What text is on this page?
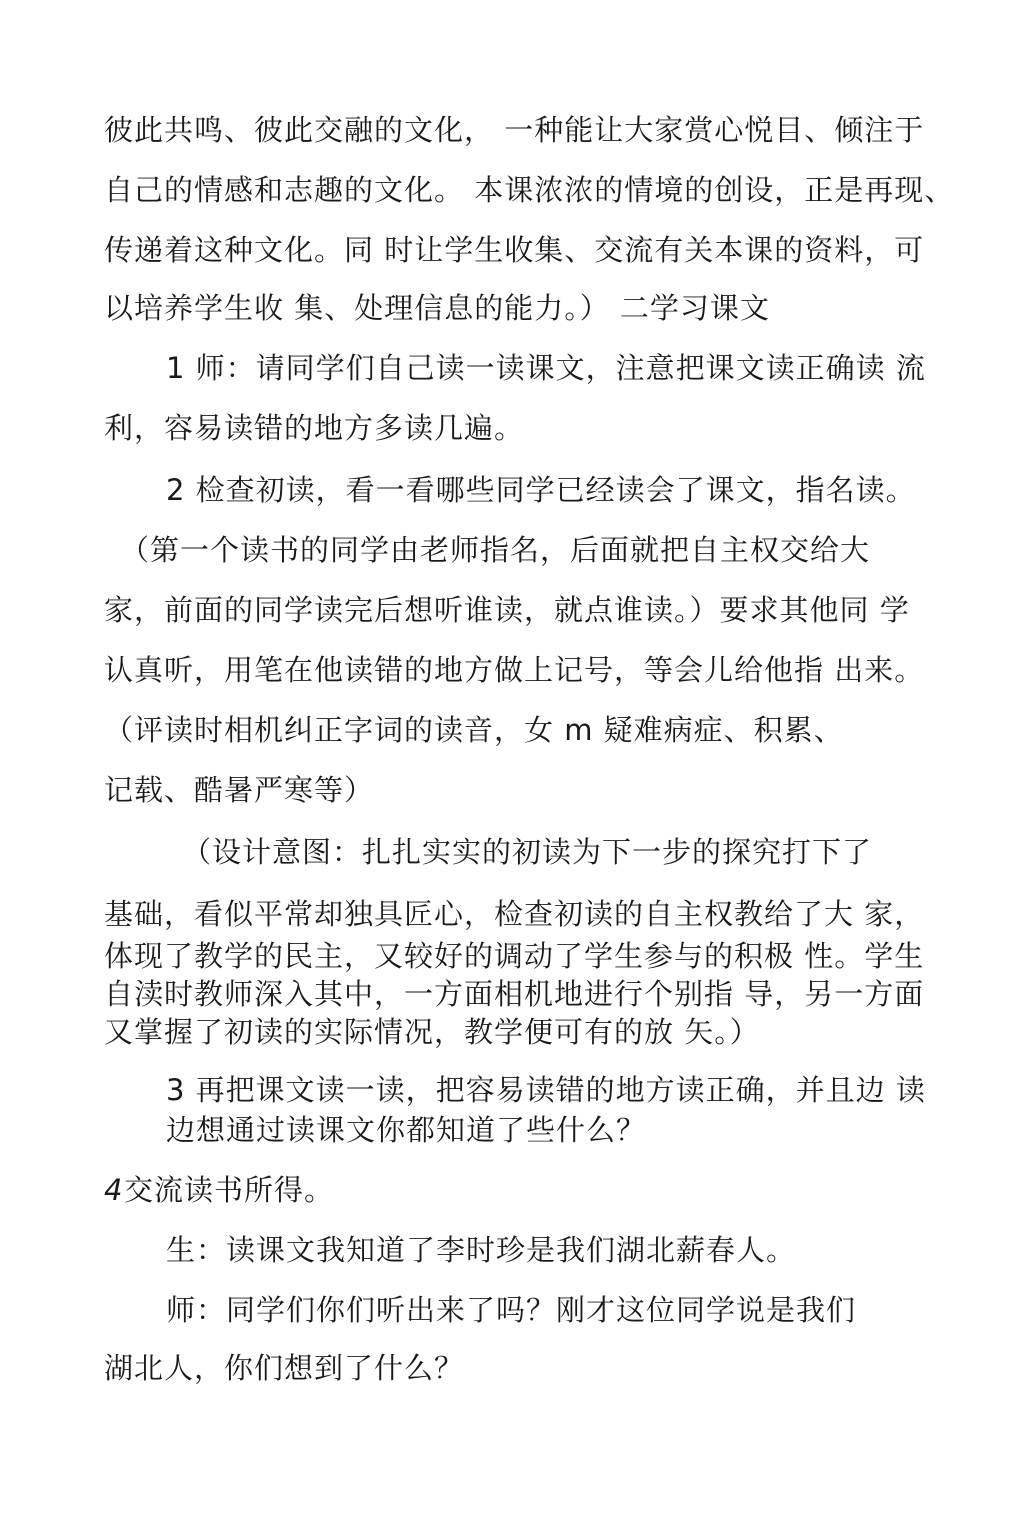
彼此共鸣、彼此交融的文化， 一种能让大家赏心悦目、倾注于
自己的情感和志趣的文化。 本课浓浓的情境的创设，正是再现、
传递着这种文化。同 时让学生收集、交流有关本课的资料，可
以培养学生收 集、处理信息的能力。） 二学习课文
1 师：请同学们自己读一读课文，注意把课文读正确读 流
利，容易读错的地方多读几遍。
2 检查初读，看一看哪些同学已经读会了课文，指名读。
（第一个读书的同学由老师指名，后面就把自主权交给大
家，前面的同学读完后想听谁读，就点谁读。）要求其他同 学
认真听，用笔在他读错的地方做上记号，等会儿给他指 出来。
（评读时相机纠正字词的读音，女 m 疑难病症、积累、
记载、酷暑严寒等）
（设计意图：扎扎实实的初读为下一步的探究打下了
基础，看似平常却独具匠心，检查初读的自主权教给了大 家，
体现了教学的民主，又较好的调动了学生参与的积极 性。学生
自渎时教师深入其中，一方面相机地进行个别指 导，另一方面
又掌握了初读的实际情况，教学便可有的放 矢。）
3 再把课文读一读，把容易读错的地方读正确，并且边 读
边想通过读课文你都知道了些什么？
4 交流读书所得。
生：读课文我知道了李时珍是我们湖北薪春人。
师：同学们你们听出来了吗？刚才这位同学说是我们
湖北人，你们想到了什么？
